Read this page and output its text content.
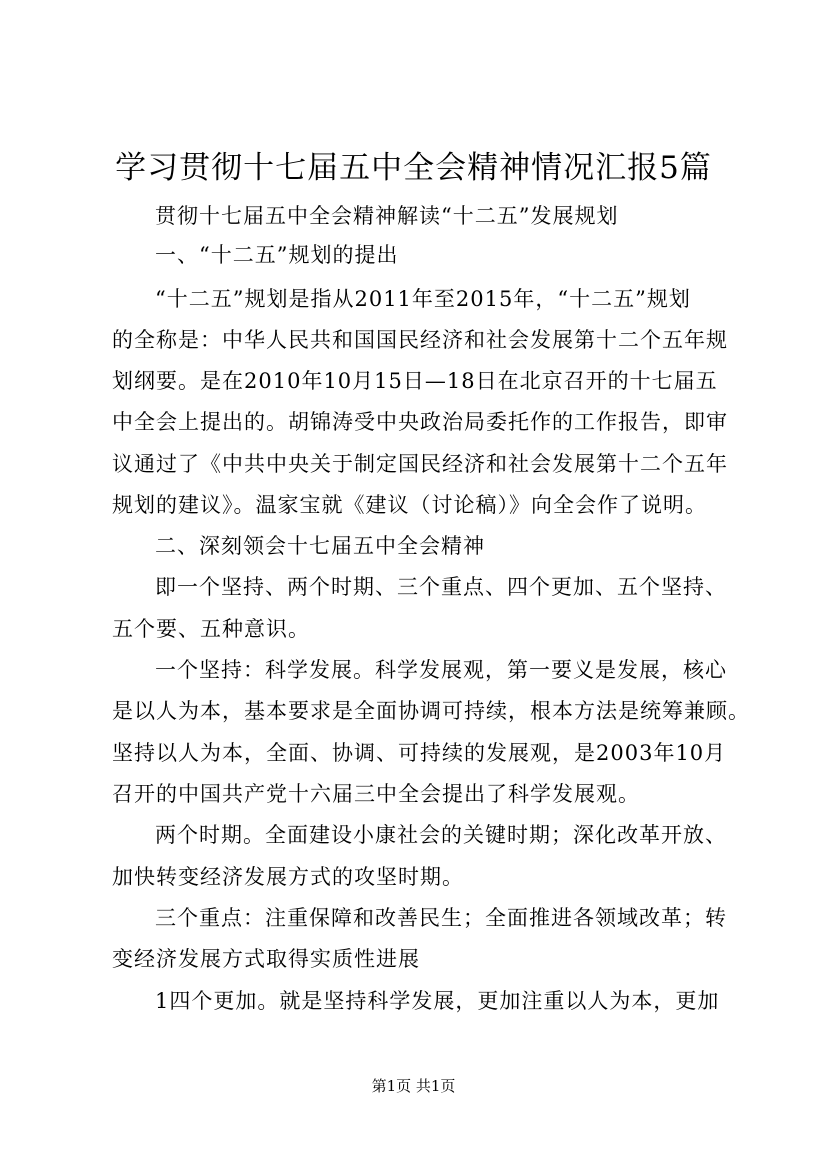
学习贯彻十七届五中全会精神情况汇报5篇
贯彻十七届五中全会精神解读“十二五”发展规划
一、“十二五”规划的提出
“十二五”规划是指从2011年至2015年，“十二五”规划
的全称是：中华人民共和国国民经济和社会发展第十二个五年规
划纲要。是在2010年10月15日—18日在北京召开的十七届五
中全会上提出的。胡锦涛受中央政治局委托作的工作报告，即审
议通过了《中共中央关于制定国民经济和社会发展第十二个五年
规划的建议》。温家宝就《建议（讨论稿）》向全会作了说明。
二、深刻领会十七届五中全会精神
即一个坚持、两个时期、三个重点、四个更加、五个坚持、
五个要、五种意识。
一个坚持：科学发展。科学发展观，第一要义是发展，核心
是以人为本，基本要求是全面协调可持续，根本方法是统筹兼顾。
坚持以人为本，全面、协调、可持续的发展观，是2003年10月
召开的中国共产党十六届三中全会提出了科学发展观。
两个时期。全面建设小康社会的关键时期；深化改革开放、
加快转变经济发展方式的攻坚时期。
三个重点：注重保障和改善民生；全面推进各领域改革；转
变经济发展方式取得实质性进展
1四个更加。就是坚持科学发展，更加注重以人为本，更加
第1页 共1页
